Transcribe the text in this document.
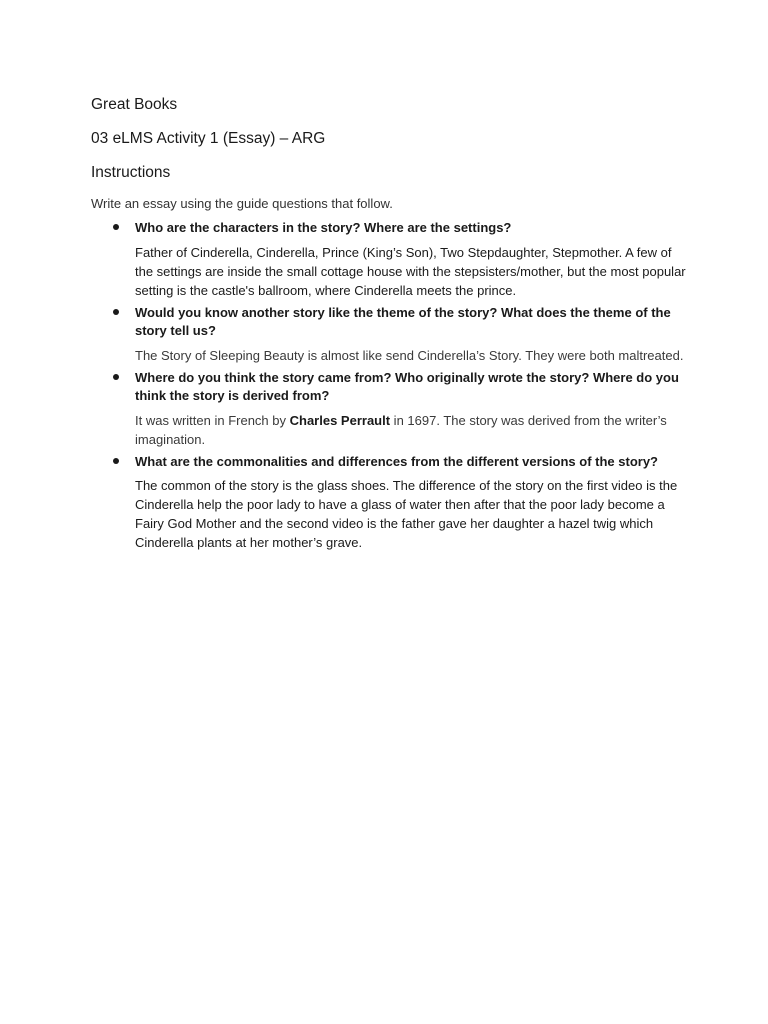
Great Books

03 eLMS Activity 1 (Essay) – ARG

Instructions

Write an essay using the guide questions that follow.

Who are the characters in the story? Where are the settings?

Father of Cinderella, Cinderella, Prince (King’s Son), Two Stepdaughter, Stepmother. A few of the settings are inside the small cottage house with the stepsisters/mother, but the most popular setting is the castle's ballroom, where Cinderella meets the prince.

Would you know another story like the theme of the story? What does the theme of the story tell us?

The Story of Sleeping Beauty is almost like send Cinderella’s Story. They were both maltreated.

Where do you think the story came from? Who originally wrote the story? Where do you think the story is derived from?

It was written in French by Charles Perrault in 1697. The story was derived from the writer’s imagination.

What are the commonalities and differences from the different versions of the story?

The common of the story is the glass shoes. The difference of the story on the first video is the Cinderella help the poor lady to have a glass of water then after that the poor lady become a Fairy God Mother and the second video is the father gave her daughter a hazel twig which Cinderella plants at her mother’s grave.
